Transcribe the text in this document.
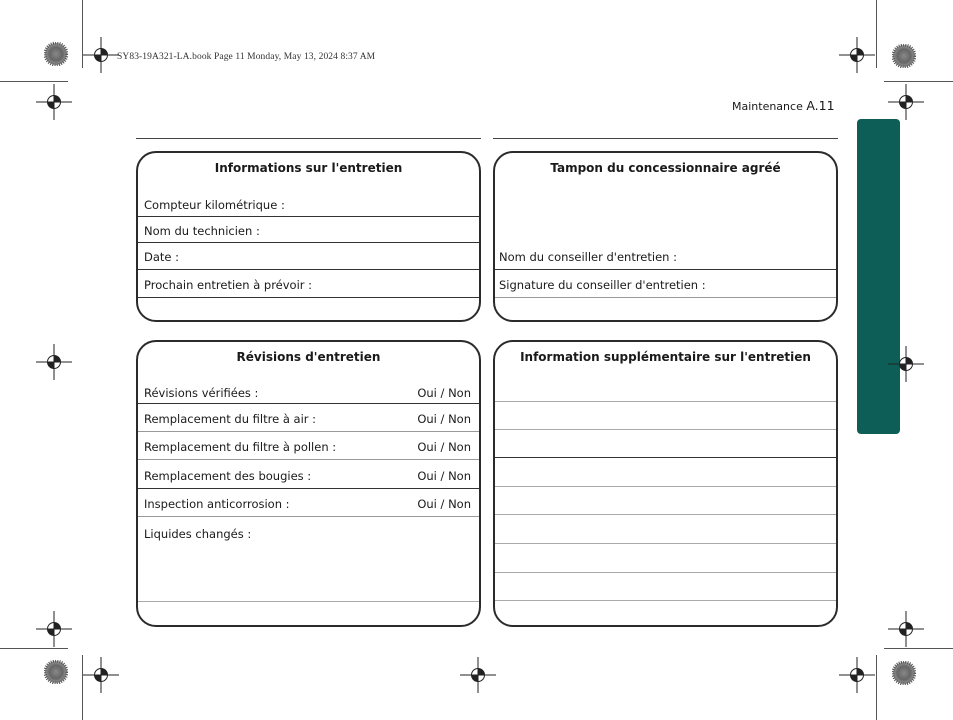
SY83-19A321-LA.book Page 11 Monday, May 13, 2024 8:37 AM
Maintenance A.11
Informations sur l'entretien
Compteur kilométrique :
Nom du technicien :
Date :
Prochain entretien à prévoir :
Tampon du concessionnaire agréé
Nom du conseiller d'entretien :
Signature du conseiller d'entretien :
Révisions d'entretien
Révisions vérifiées :	Oui / Non
Remplacement du filtre à air :	Oui / Non
Remplacement du filtre à pollen :	Oui / Non
Remplacement des bougies :	Oui / Non
Inspection anticorrosion :	Oui / Non
Liquides changés :
Information supplémentaire sur l'entretien
